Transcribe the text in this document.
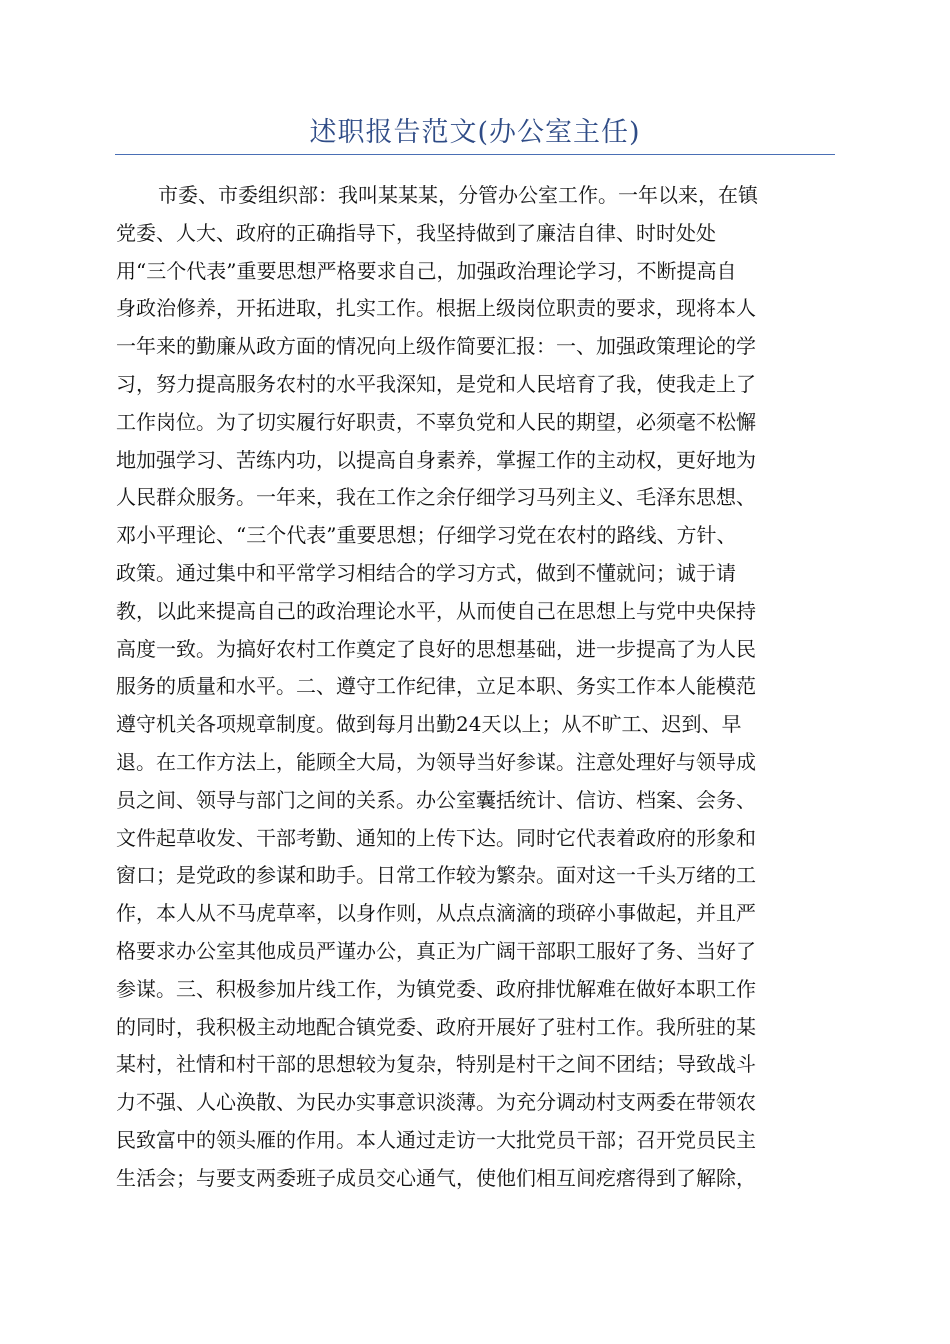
述职报告范文(办公室主任)
市委、市委组织部：我叫某某某，分管办公室工作。一年以来，在镇
党委、人大、政府的正确指导下，我坚持做到了廉洁自律、时时处处
用“三个代表”重要思想严格要求自己，加强政治理论学习，不断提高自
身政治修养，开拓进取，扎实工作。根据上级岗位职责的要求，现将本人
一年来的勤廉从政方面的情况向上级作简要汇报：一、加强政策理论的学
习，努力提高服务农村的水平我深知，是党和人民培育了我，使我走上了
工作岗位。为了切实履行好职责，不辜负党和人民的期望，必须毫不松懈
地加强学习、苦练内功，以提高自身素养，掌握工作的主动权，更好地为
人民群众服务。一年来，我在工作之余仔细学习马列主义、毛泽东思想、
邓小平理论、“三个代表”重要思想；仔细学习党在农村的路线、方针、
政策。通过集中和平常学习相结合的学习方式，做到不懂就问；诚于请
教，以此来提高自己的政治理论水平，从而使自己在思想上与党中央保持
高度一致。为搞好农村工作奠定了良好的思想基础，进一步提高了为人民
服务的质量和水平。二、遵守工作纪律，立足本职、务实工作本人能模范
遵守机关各项规章制度。做到每月出勤24天以上；从不旷工、迟到、早
退。在工作方法上，能顾全大局，为领导当好参谋。注意处理好与领导成
员之间、领导与部门之间的关系。办公室囊括统计、信访、档案、会务、
文件起草收发、干部考勤、通知的上传下达。同时它代表着政府的形象和
窗口；是党政的参谋和助手。日常工作较为繁杂。面对这一千头万绪的工
作，本人从不马虎草率，以身作则，从点点滴滴的琐碎小事做起，并且严
格要求办公室其他成员严谨办公，真正为广阔干部职工服好了务、当好了
参谋。三、积极参加片线工作，为镇党委、政府排忧解难在做好本职工作
的同时，我积极主动地配合镇党委、政府开展好了驻村工作。我所驻的某
某村，社情和村干部的思想较为复杂，特别是村干之间不团结；导致战斗
力不强、人心涣散、为民办实事意识淡薄。为充分调动村支两委在带领农
民致富中的领头雁的作用。本人通过走访一大批党员干部；召开党员民主
生活会；与要支两委班子成员交心通气，使他们相互间疙瘩得到了解除，
